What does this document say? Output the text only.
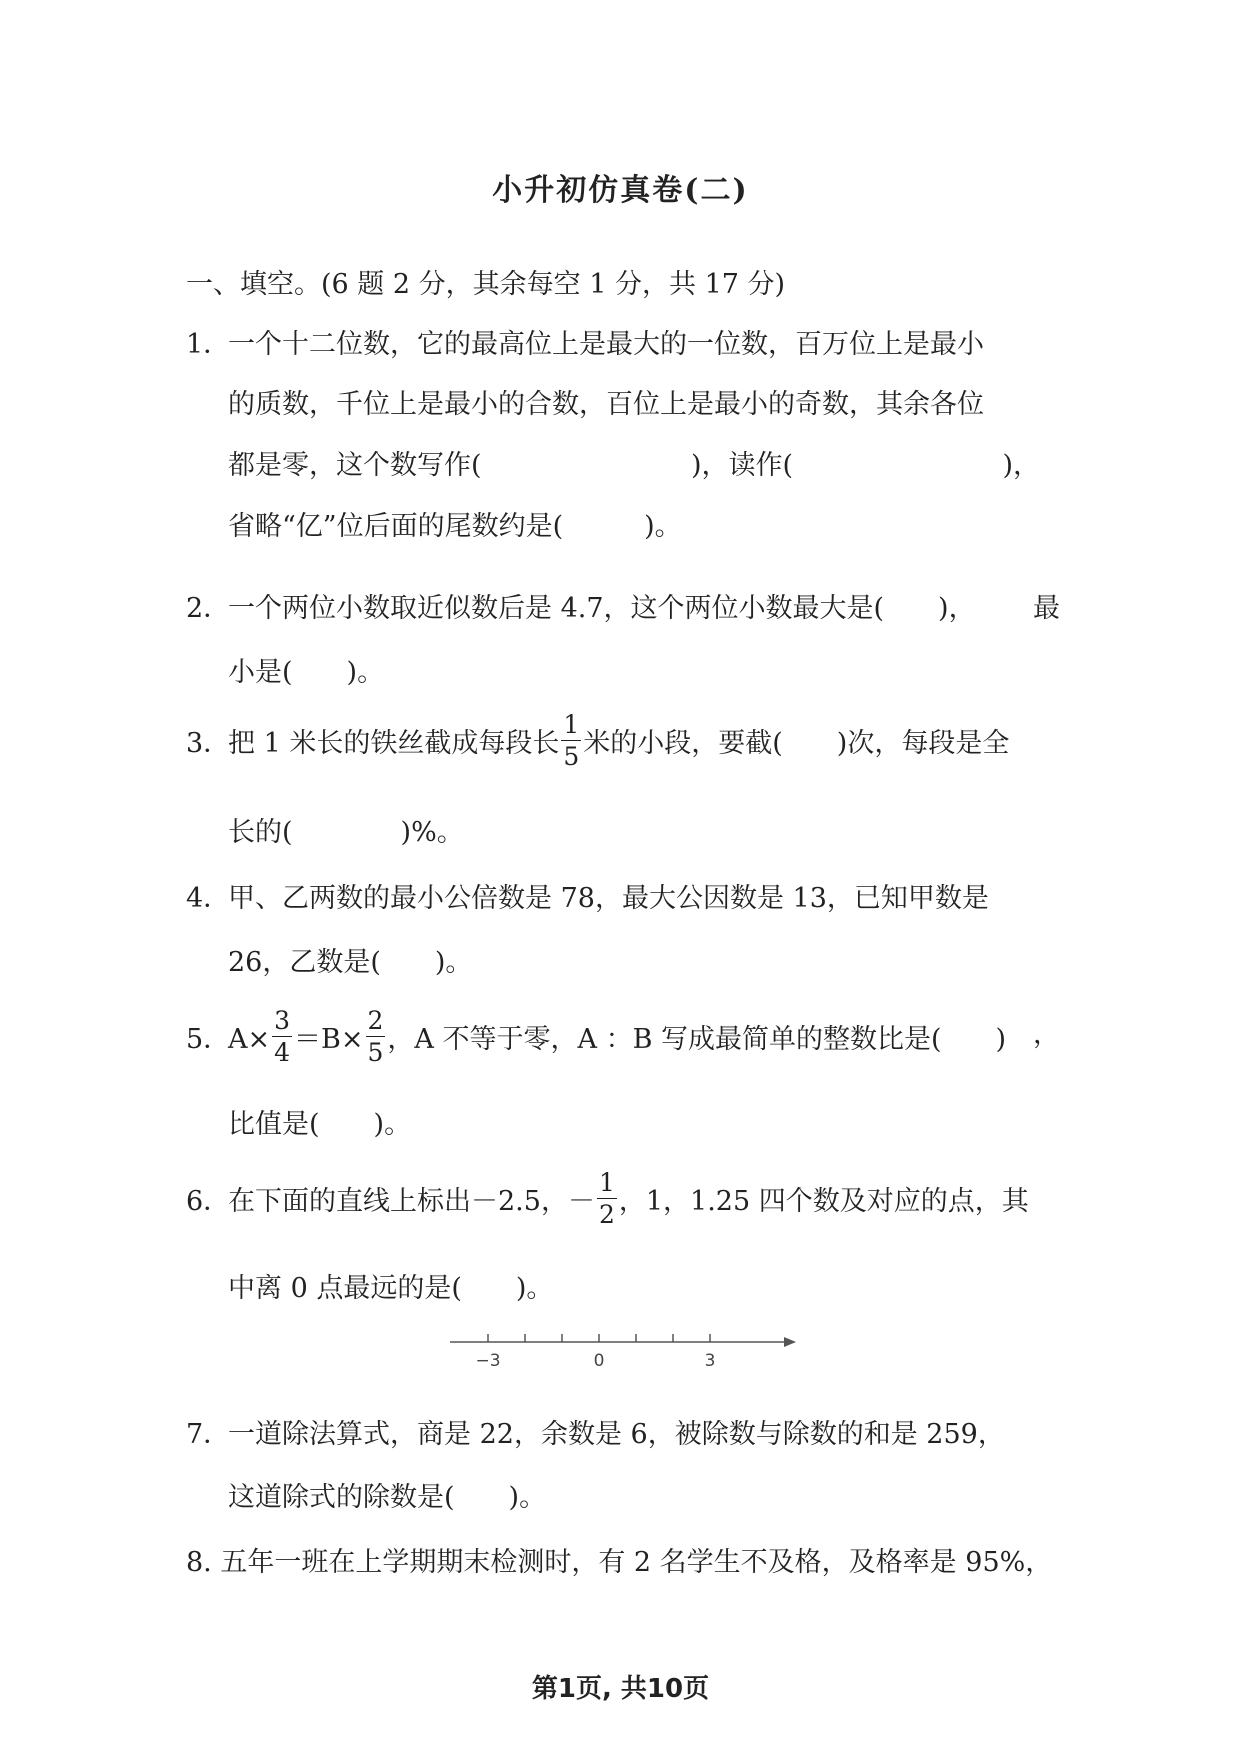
小升初仿真卷(二)
一、填空。(6 题 2 分，其余每空 1 分，共 17 分)
1．一个十二位数，它的最高位上是最大的一位数，百万位上是最小
的质数，千位上是最小的合数，百位上是最小的奇数，其余各位
都是零，这个数写作(	)，读作(	)，
省略“亿”位后面的尾数约是(　　　)。
2．一个两位小数取近似数后是 4.7，这个两位小数最大是(　　)， 最
小是(　　)。
3．把 1 米长的铁丝截成每段长 $\frac{1}{5}$ 米的小段，要截(　　)次，每段是全
长的(　　　　)%。
4．甲、乙两数的最小公倍数是 78，最大公因数是 13，已知甲数是
26，乙数是(　　)。
5．$A\times \frac{3}{4} =B\times \frac{2}{5}$ ，A 不等于零，A ：B 写成最简单的整数比是(　　) ，
比值是(　　)。
6．在下面的直线上标出－2.5，－ $\frac{1}{2}$ ，1，1.25 四个数及对应的点，其
中离 0 点最远的是(　　)。
−3	0	3
7．一道除法算式，商是 22，余数是 6，被除数与除数的和是 259，
这道除式的除数是(　　)。
8. 五年一班在上学期期末检测时，有 2 名学生不及格，及格率是 95%，
第1页, 共10页
